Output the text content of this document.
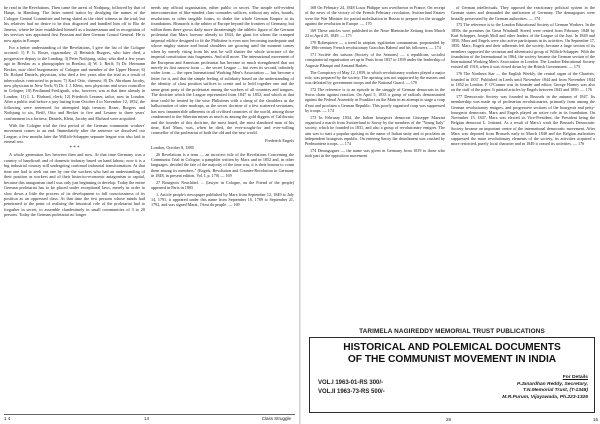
be read in the Revelations. Then came the arrest of Nothjung, followed by that of Haupt, in Hamburg. The latter turned traitor by divulging the names of the Cologne Central Committee and being slated as the chief witness in the trial; but his relatives had no desire to be thus disgraced and bundled him off to Rio de Janeiro, where he later established himself as a businessman and in recognition of his services was appointed first Prussian and then German Consul General. He is now again in Europe.

For a better understanding of the Revelations, I give the list of the Cologne accused: 1) P. G. Roser, cigarmaker; 2) Heinrich Burgers, who later died, a progressive deputy to the Landtag; 3) Peter Nothjung, tailor, who died a few years ago in Breslau as a photographer in Breslau; 4) W. J. Reiff; 5) Dr. Hermann Becker, now chief burgomaster of Cologne and member of the Upper House; 6) Dr. Roland Daniels, physician, who died a few years after the trial as a result of tuberculosis contracted in prison; 7) Karl Otto, chemist; 8) Dr. Abraham Jacoby, now physician in New York; 9) Dr. I. J. Klein, now physician and town councillor in Cologne; 10) Ferdinand Freiligrath, who, however, was at that time already in London; 11) I. L. Ehrhard, clerk; 12) Friedrich Lessner, tailor, now in London. After a public trial before a jury lasting from October 4 to November 12, 1852, the following were sentenced for attempted high treason: Roser, Burgers and Nothjung to six, Reiff, Otto and Becker to five and Lessner to three years' confinement in a fortress; Daniels, Klein, Jacoby and Ehrhard were acquitted.

With the Cologne trial the first period of the German communist workers' movement comes to an end. Immediately after the sentence we dissolved our League; a few months later the Willich-Schapper separate league was also laid to eternal rest.

* * *

A whole generation lies between then and now. At that time Germany was a country of handicraft and of domestic industry based on hand labour; now it is a big industrial country still undergoing continual industrial transformation. At that time one had to seek out one by one the workers who had an understanding of their position as workers and of their historico-economic antagonism to capital, because this antagonism itself was only just beginning to develop. Today the entire German proletariat has to be placed under exceptional laws, merely in order to slow down a little the process of its development to full consciousness of its position as an oppressed class. At that time the few persons whose minds had penetrated to the point of realising the historical role of the proletariat had to forgather in secret, to assemble clandestinely in small communities of 3 to 20 persons. Today the German proletariat no longer

needs any official organisation, either public or secret. The simple self-evident interconnection of like-minded class comrades suffices, without any rules, boards, resolutions or other tangible forms, to shake the whole German Empire to its foundations. Bismarck is the arbiter of Europe beyond the frontiers of Germany, but within them there grows daily more threateningly the athletic figure of the German proletariat that Marx foresaw already in 1844, the giant for whom the cramped imperial edifice designed to fit the Philistine is even now becoming inadequate and whose mighty stature and broad shoulders are growing until the moment comes when by merely rising from his seat he will shatter the whole structure of the imperial constitution into fragments. And still more. The international movement of the European and American proletariat has become so much strengthened that not merely its first narrow form — the secret League — but even its second, infinitely wider form — the open International Working Men's Association — has become a fetter for it, and that the simple feeling of solidarity based on the understanding of the identity of class position suffices to create and to hold together one and the same great party of the proletariat among the workers of all countries and tongues. The doctrine which the League represented from 1847 to 1852, and which at that time could be treated by the wise Philistines with a shrug of the shoulders as the hallucination of utter madcaps, as the secret doctrine of a few scattered sectarians, has now innumerable adherents in all civilised countries of the world, among those condemned to the Siberian mines as much as among the gold diggers of California; and the founder of this doctrine, the most hated, the most slandered man of his time, Karl Marx, was, when he died, the ever-sought-for and ever-willing counsellor of the proletariat of both the old and the new world.

Frederick Engels

London, October 8, 1885

26 Revelations is a term — an incorrect title of the Revelations Concerning the Communist Trial in Cologne, a pamphlet written by Marx and in 1852 and, in other languages, decided the fate of the majority of the time was, it is their honour to count them among its members." (Engels, Revolution and Counter-Revolution in Germany in 1848, in present edition, Vol. I, p. 170) — 169

27 Bourgeois Neuchâtel, ... (lawyer in Cologne, on the Friend of the people) appeared in Paris in 1865

1. Article people's newspaper published by Marx from September 12, 1849 to July 14, 1791, it appeared under this name from September 16, 1789 to September 21, 1792, and was signed Marat, l'Ami du peuple. — 169

1 4	14	Class Struggle

168 On February 24, 1848 Louis Philippe was overthrown in France. On receipt of the news of the victory of the French February revolution, Switzerland Estates were the War Minister for partial mobilisation in Russia to prepare for the struggle against the revolution in Europe. — 170

169 These articles were published in the Neue Rheinische Zeitung from March 22 to April 25, 1849. — 171

170 Robespierre — a trend in utopian, egalitarian communism, propounded by the 19th-century French revolutionary Gracchus Babeuf and his followers. — 174

171 Société des saisons (Society of the Seasons) — a republican, socialist conspiratorial organisation set up in Paris from 1837 to 1839 under the leadership of Auguste Blanqui and Armand Barbès.

The Conspiracy of May 12, 1839, in which revolutionary workers played a major role, was prepared by the society. The uprising was not supported by the masses and was defeated by government troops and the National Guard. — 170

172 The reference is to an episode in the struggle of German democrats in the Swiss chain against reaction. On April 5, 1833 a group of radicals demonstrated against the Federal Assembly in Frankfort on the Main in an attempt to stage a coup d'etat and proclaim a German Republic. This poorly organised coup was suppressed by troops. — 174

173 In February 1834, the Italian bourgeois democrat Giuseppe Mazzini organised a march from Switzerland to Savoy by the members of the "Young Italy" society, which he founded in 1831, and also a group of revolutionary emigres. The aim was to start a popular uprising in the name of Italian unity and to proclaim an independent bourgeois republic. On entering Savoy the detachment was crushed by Piedmontese troops. — 174

174 Demagogues — the name was given in Germany from 1819 to those who took part in the opposition movement

of German intellectuals. They opposed the reactionary political system in the German states and demanded the unification of Germany. The demagogues were brutally persecuted by the German authorities. — 174

175 The reference is to the London Educational Society of German Workers. In the 1850s the premises (in Great Windmill Street) were rented from February 1848 by Karl Schapper, Joseph Moll and other leaders of the League of the Just. In 1849 and 1850, Marx and Engels were also active participants in its activities. On September 17, 1850, Marx, Engels and their adherents left the society, because a large section of its members supported the sectarian and adventurist group of Willich-Schapper. With the foundation of the International in 1864, the society became the German section of the International Working Men's Association in London. The London Educational Society existed till 1918, when it was closed down by the British Government. — 175

176 The Northern Star — the English Weekly, the central organ of the Chartists, founded in 1837. Published in Leeds until November 1844 and from November 1844 to 1852 in London. F. O'Connor was its founder and editor; George Harney was also on the staff of the paper. It printed articles by Engels between 1843 and 1850. — 176

177 Democratic Society was founded in Brussels in the autumn of 1847. Its membership was made up of proletarian revolutionaries, primarily from among the German revolutionary emigres, and progressive sections of the bourgeois and petty-bourgeois democrats. Marx and Engels played an active role in its foundation. On November 15, 1847, Marx was elected its Vice-President, the President being the Belgian democrat L. Jottrand. As a result of Marx's work the Brussels Democratic Society became an important centre of the international democratic movement. After Marx was deported from Brussels early in March 1848 and the Belgian authorities suppressed the more revolutionary elements of the society, its activities acquired a more restricted, purely local character and in 1849 it ceased its activities. — 176

28	15
TARIMELA NAGIREDDY MEMORIAL TRUST PUBLICATIONS
HISTORICAL AND POLEMICAL DOCUMENTS
OF THE COMMUNIST MOVEMENT IN INDIA
VOL.I 1963-01-RS 300/-
VOL.II 1963-73-RS 500/-
For Details
P.Janardhan Reddy, Secretary,
T.N.Memorial Trust, (T-1348)
M.R.Purum, Vijayawada, Ph.223-1326
